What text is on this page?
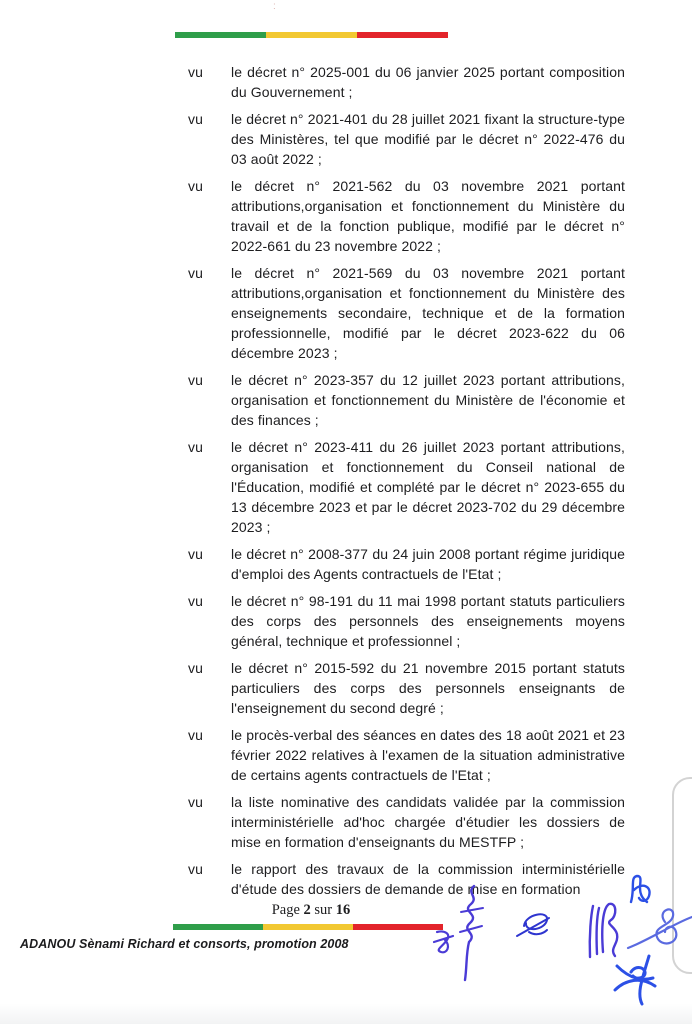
:
vu	le décret n° 2025-001 du 06 janvier 2025 portant composition du Gouvernement ;
vu	le décret n° 2021-401 du 28 juillet 2021 fixant la structure-type des Ministères, tel que modifié par le décret n° 2022-476 du 03 août 2022 ;
vu	le décret n° 2021-562 du 03 novembre 2021 portant attributions,organisation et fonctionnement du Ministère du travail et de la fonction publique, modifié par le décret n° 2022-661 du 23 novembre 2022 ;
vu	le décret n° 2021-569 du 03 novembre 2021 portant attributions,organisation et fonctionnement du Ministère des enseignements secondaire, technique et de la formation professionnelle, modifié par le décret 2023-622 du 06 décembre 2023 ;
vu	le décret n° 2023-357 du 12 juillet 2023 portant attributions, organisation et fonctionnement du Ministère de l'économie et des finances ;
vu	le décret n° 2023-411 du 26 juillet 2023 portant attributions, organisation et fonctionnement du Conseil national de l'Éducation, modifié et complété par le décret n° 2023-655 du 13 décembre 2023 et par le décret 2023-702 du 29 décembre 2023 ;
vu	le décret n° 2008-377 du 24 juin 2008 portant régime juridique d'emploi des Agents contractuels de l'Etat ;
vu	le décret n° 98-191 du 11 mai 1998 portant statuts particuliers des corps des personnels des enseignements moyens général, technique et professionnel ;
vu	le décret n° 2015-592 du 21 novembre 2015 portant statuts particuliers des corps des personnels enseignants de l'enseignement du second degré ;
vu	le procès-verbal des séances en dates des 18 août 2021 et 23 février 2022 relatives à l'examen de la situation administrative de certains agents contractuels de l'Etat ;
vu	la liste nominative des candidats validée par la commission interministérielle ad'hoc chargée d'étudier les dossiers de mise en formation d'enseignants du MESTFP ;
vu	le rapport des travaux de la commission interministérielle d'étude des dossiers de demande de mise en formation
Page 2 sur 16
ADANOU Sènami Richard et consorts, promotion 2008
